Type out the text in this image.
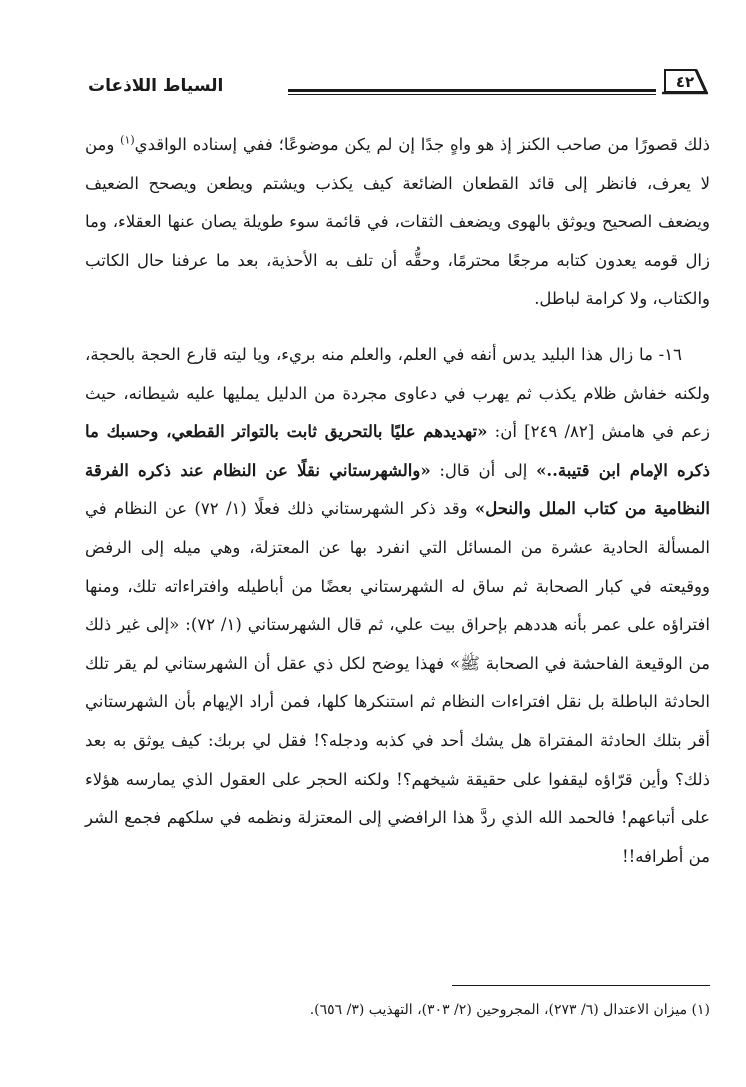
٤٢
السياط اللاذعات

ذلك قصورًا من صاحب الكنز إذ هو واهٍ جدًا إن لم يكن موضوعًا؛ ففي إسناده الواقدي$^{(١)}$ ومن لا يعرف، فانظر إلى قائد القطعان الضائعة كيف يكذب ويشتم ويطعن ويصحح الضعيف ويضعف الصحيح ويوثق بالهوى ويضعف الثقات، في قائمة سوء طويلة يصان عنها العقلاء، وما زال قومه يعدون كتابه مرجعًا محترمًا، وحقُّه أن تلف به الأحذية، بعد ما عرفنا حال الكاتب والكتاب، ولا كرامة لباطل.

١٦- ما زال هذا البليد يدس أنفه في العلم، والعلم منه بريء، ويا ليته قارع الحجة بالحجة، ولكنه خفاش ظلام يكذب ثم يهرب في دعاوى مجردة من الدليل يمليها عليه شيطانه، حيث زعم في هامش [٨٢/ ٢٤٩] أن: «تهديدهم عليًا بالتحريق ثابت بالتواتر القطعي، وحسبك ما ذكره الإمام ابن قتيبة..» إلى أن قال: «والشهرستاني نقلًا عن النظام عند ذكره الفرقة النظامية من كتاب الملل والنحل» وقد ذكر الشهرستاني ذلك فعلًا (١/ ٧٢) عن النظام في المسألة الحادية عشرة من المسائل التي انفرد بها عن المعتزلة، وهي ميله إلى الرفض ووقيعته في كبار الصحابة ثم ساق له الشهرستاني بعضًا من أباطيله وافتراءاته تلك، ومنها افتراؤه على عمر بأنه هددهم بإحراق بيت علي، ثم قال الشهرستاني (١/ ٧٢): «إلى غير ذلك من الوقيعة الفاحشة في الصحابة ﷺ» فهذا يوضح لكل ذي عقل أن الشهرستاني لم يقر تلك الحادثة الباطلة بل نقل افتراءات النظام ثم استنكرها كلها، فمن أراد الإيهام بأن الشهرستاني أقر بتلك الحادثة المفتراة هل يشك أحد في كذبه ودجله؟! فقل لي بربك: كيف يوثق به بعد ذلك؟ وأين قرّاؤه ليقفوا على حقيقة شيخهم؟! ولكنه الحجر على العقول الذي يمارسه هؤلاء على أتباعهم! فالحمد الله الذي ردَّ هذا الرافضي إلى المعتزلة ونظمه في سلكهم فجمع الشر من أطرافه!!

(١) ميزان الاعتدال (٦/ ٢٧٣)، المجروحين (٢/ ٣٠٣)، التهذيب (٣/ ٦٥٦).
